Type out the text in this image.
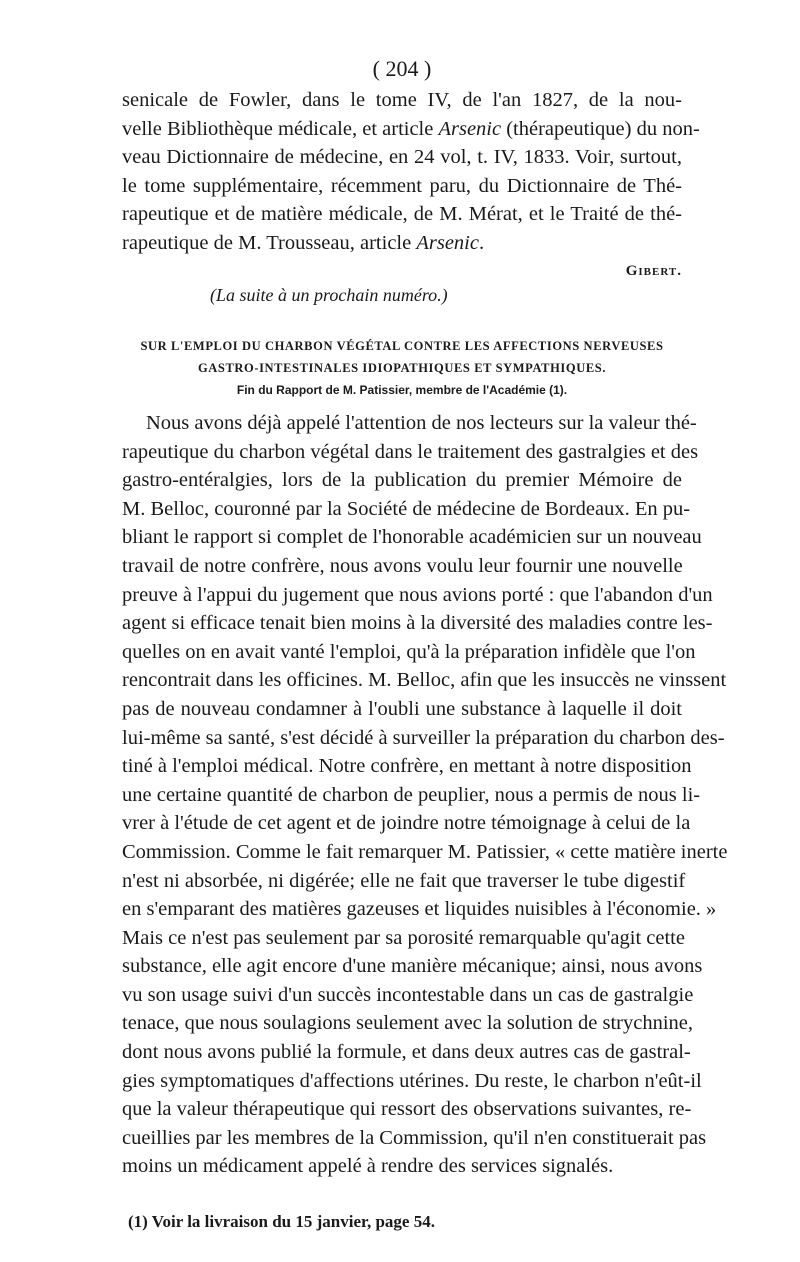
( 204 )
senicale de Fowler, dans le tome IV, de l'an 1827, de la nou-
velle Bibliothèque médicale, et article Arsenic (thérapeutique) du non-
veau Dictionnaire de médecine, en 24 vol, t. IV, 1833. Voir, surtout,
le tome supplémentaire, récemment paru, du Dictionnaire de Thé-
rapeutique et de matière médicale, de M. Mérat, et le Traité de thé-
rapeutique de M. Trousseau, article Arsenic.
Gibert.
(La suite à un prochain numéro.)
SUR L'EMPLOI DU CHARBON VÉGÉTAL CONTRE LES AFFECTIONS NERVEUSES
GASTRO-INTESTINALES IDIOPATHIQUES ET SYMPATHIQUES.
Fin du Rapport de M. Patissier, membre de l'Académie (1).
Nous avons déjà appelé l'attention de nos lecteurs sur la valeur thé-
rapeutique du charbon végétal dans le traitement des gastralgies et des
gastro-entéralgies, lors de la publication du premier Mémoire de
M. Belloc, couronné par la Société de médecine de Bordeaux. En pu-
bliant le rapport si complet de l'honorable académicien sur un nouveau
travail de notre confrère, nous avons voulu leur fournir une nouvelle
preuve à l'appui du jugement que nous avions porté : que l'abandon d'un
agent si efficace tenait bien moins à la diversité des maladies contre les-
quelles on en avait vanté l'emploi, qu'à la préparation infidèle que l'on
rencontrait dans les officines. M. Belloc, afin que les insuccès ne vinssent
pas de nouveau condamner à l'oubli une substance à laquelle il doit
lui-même sa santé, s'est décidé à surveiller la préparation du charbon des-
tiné à l'emploi médical. Notre confrère, en mettant à notre disposition
une certaine quantité de charbon de peuplier, nous a permis de nous li-
vrer à l'étude de cet agent et de joindre notre témoignage à celui de la
Commission. Comme le fait remarquer M. Patissier, « cette matière inerte
n'est ni absorbée, ni digérée; elle ne fait que traverser le tube digestif
en s'emparant des matières gazeuses et liquides nuisibles à l'économie. »
Mais ce n'est pas seulement par sa porosité remarquable qu'agit cette
substance, elle agit encore d'une manière mécanique; ainsi, nous avons
vu son usage suivi d'un succès incontestable dans un cas de gastralgie
tenace, que nous soulagions seulement avec la solution de strychnine,
dont nous avons publié la formule, et dans deux autres cas de gastral-
gies symptomatiques d'affections utérines. Du reste, le charbon n'eût-il
que la valeur thérapeutique qui ressort des observations suivantes, re-
cueillies par les membres de la Commission, qu'il n'en constituerait pas
moins un médicament appelé à rendre des services signalés.
(1) Voir la livraison du 15 janvier, page 54.
